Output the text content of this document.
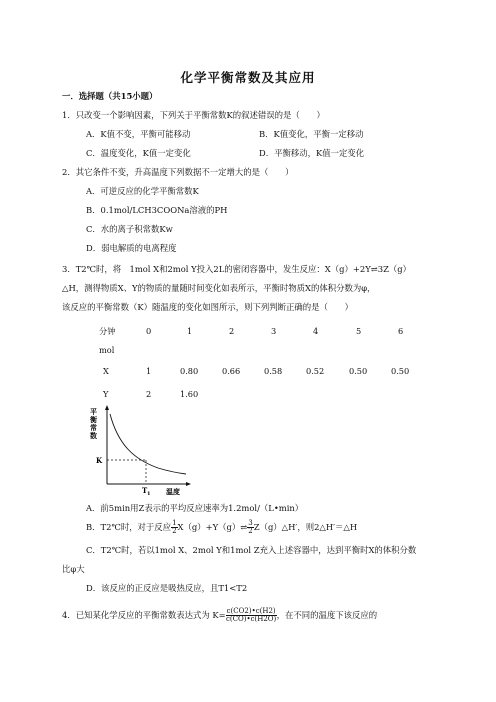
化学平衡常数及其应用
一．选择题（共15小题）
1．只改变一个影响因素，下列关于平衡常数K的叙述错误的是（　　）
A．K值不变，平衡可能移动	B．K值变化，平衡一定移动
C．温度变化，K值一定变化	D．平衡移动，K值一定变化
2．其它条件不变，升高温度下列数据不一定增大的是（　　）
A．可逆反应的化学平衡常数K
B．0.1mol/LCH3COONa溶液的PH
C．水的离子积常数Kw
D．弱电解质的电离程度
3．T2℃时，将　1mol X和2mol Y投入2L的密闭容器中，发生反应：X（g）+2Y⇌3Z（g）
△H，测得物质X、Y的物质的量随时间变化如表所示，平衡时物质X的体积分数为φ，
该反应的平衡常数（K）随温度的变化如图所示，则下列判断正确的是（　　）
分钟
mol
0	1	2	3	4	5	6
X	1	0.80	0.66	0.58	0.52	0.50	0.50
Y	2	1.60
平
衡
常
数
K
T 1 温度
A．前5min用Z表示的平均反应速率为1.2mol/（L•min）
B．T2℃时，对于反应 $\frac{1}{2}$ X（g）+Y（g）⇌ $\frac{3}{2}$ Z（g）△H′，则2△H′＝△H
C．T2℃时，若以1mol X、2mol Y和1mol Z充入上述容器中，达到平衡时X的体积分数
比φ大
D．该反应的正反应是吸热反应，且T1<T2
4．已知某化学反应的平衡常数表达式为 $K= \frac{c(CO2)•c(H2)}{c(CO)•c(H2O)}$ ，在不同的温度下该反应的
